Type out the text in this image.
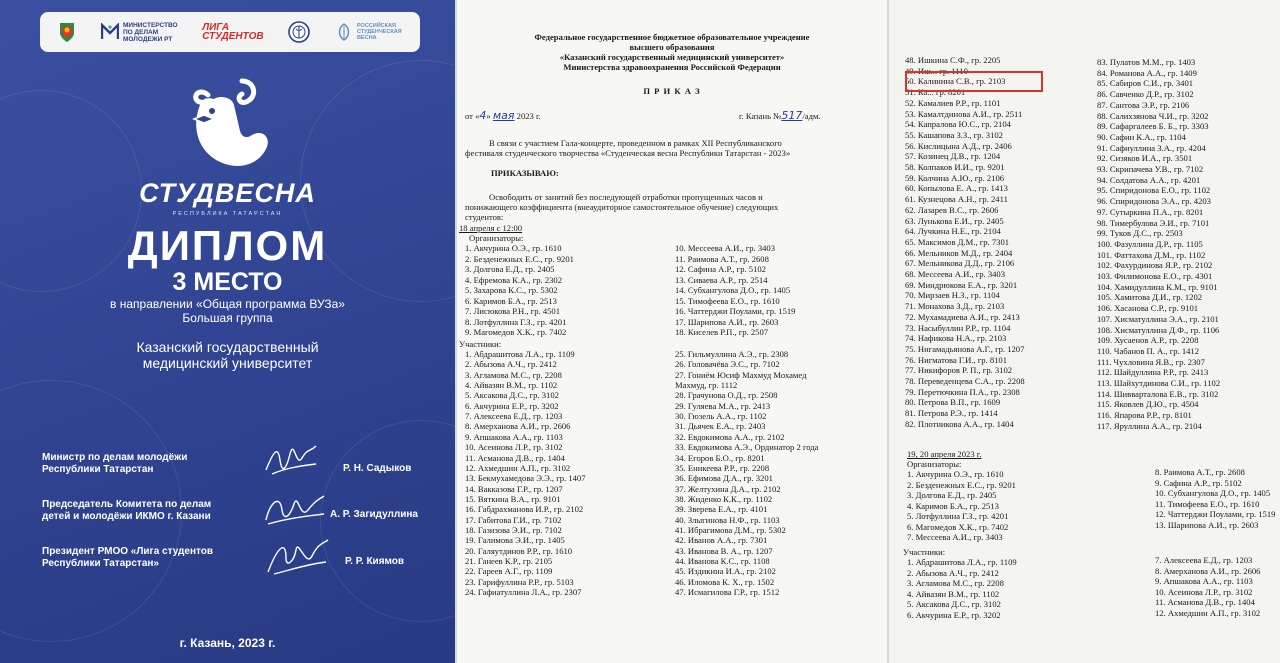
МИНИСТЕРСТВО
ПО ДЕЛАМ
МОЛОДЕЖИ РТ
ЛИГА
СТУДЕНТОВ
РОССИЙСКАЯ
СТУДЕНЧЕСКАЯ
ВЕСНА
СТУДВЕСНА
РЕСПУБЛИКА ТАТАРСТАН
ДИПЛОМ
3 МЕСТО
в направлении «Общая программа ВУЗа»
Большая группа
Казанский государственный
медицинский университет
Министр по делам молодёжи
Республики Татарстан	Р. Н. Садыков
Председатель Комитета по делам
детей и молодёжи ИКМО г. Казани	А. Р. Загидуллина
Президент РМОО «Лига студентов
Республики Татарстан»	Р. Р. Киямов
г. Казань, 2023 г.
Федеральное государственное бюджетное образовательное учреждение
высшего образования
«Казанский государственный медицинский университет»
Министерства здравоохранения Российской Федерации
П Р И К А З
от «4» мая 2023 г.	г. Казань №517/адм.
В связи с участием Гала-концерте, проведенном в рамках XII Республиканского
фестиваля студенческого творчества «Студенческая весна Республики Татарстан - 2023»
ПРИКАЗЫВАЮ:
Освободить от занятий без последующей отработки пропущенных часов и
понижающего коэффициента (внеаудиторное самостоятельное обучение) следующих
студентов:
18 апреля с 12:00
Организаторы:
1. Акчурина О.Э., гр. 1610
2. Безденежных Е.С., гр. 9201
3. Долгова Е.Д., гр. 2405
4. Ефремова К.А., гр. 2302
5. Захарова К.С., гр. 5302
6. Каримов Б.А., гр. 2513
7. Лисюкова Р.Н., гр. 4501
8. Лотфуллина Г.З., гр. 4201
9. Магомедов Х.К., гр. 7402
10. Мессеева А.И., гр. 3403
11. Раимова А.Т., гр. 2608
12. Сафина А.Р., гр. 5102
13. Сиваева А.Р., гр. 2514
14. Субхангулова Д.О., гр. 1405
15. Тимофеева Е.О., гр. 1610
16. Чаттерджи Поулами, гр. 1519
17. Шарипова А.И., гр. 2603
18. Киселев Р.П., гр. 2507
Участники:
1. Абдрашитова Л.А., гр. 1109
2. Абызова А.Ч., гр. 2412
3. Агламова М.С., гр. 2208
4. Айвазян В.М., гр. 1102
5. Аксакова Д.С., гр. 3102
6. Акчурина Е.Р., гр. 3202
7. Алексеева Е.Д., гр. 1203
8. Амерханова А.И., гр. 2606
9. Апшакова А.А., гр. 1103
10. Асеинова Л.Р., гр. 3102
11. Асманова Д.В., гр. 1404
12. Ахмедшин А.П., гр. 3102
13. Бекмухамедова Э.Э., гр. 1407
14. Вакказова Г.Р., гр. 1207
15. Вяткина В.А., гр. 9101
16. Габдрахманова И.Р., гр. 2102
17. Габитова Г.И., гр. 7102
18. Газизова Э.И., гр. 7102
19. Галимова Э.И., гр. 1405
20. Галяутдинов Р.Р., гр. 1610
21. Ганеев К.Р., гр. 2105
22. Гареев А.Г., гр. 1109
23. Гарифуллина Р.Р., гр. 5103
24. Гафиатуллина Л.А., гр. 2307
25. Гильмуллина А.Э., гр. 2308
26. Головачёва Э.С., гр. 7102
27. Гониём Юсиф Махмуд Мохамед
Махмуд, гр. 1112
28. Грачунова О.Д., гр. 2508
29. Гуляева М.А., гр. 2413
30. Гюзель А.А., гр. 1102
31. Дьячек Е.А., гр. 2403
32. Евдокимова А.А., гр. 2102
33. Евдокимова А.Э., Ординатор 2 года
34. Егоров Б.О., гр. 8201
35. Еникеева Р.Р., гр. 2208
36. Ефимова Д.А., гр. 3201
37. Желтухина Д.А., гр. 2102
38. Жиденко К.К., гр. 1102
39. Зверева Е.А., гр. 4101
40. Злыгинова Н.Ф., гр. 1103
41. Ибрагимова Д.М., гр. 5302
42. Иванов А.А., гр. 7301
43. Иванова В. А., гр. 1207
44. Иванова К.С., гр. 1108
45. Издикина И.А., гр. 2102
46. Иломова К. Х., гр. 1502
47. Исмагилова Г.Р., гр. 1512
48. Ишкина С.Ф., гр. 2205
49. Иш... гр. 1110
50. Калинина С.В., гр. 2103
51. Ка... гр. 8201
52. Камалиев Р.Р., гр. 1101
53. Камалтдинова А.И., гр. 2511
54. Капралова Ю.С., гр. 2104
55. Кашапова З.З., гр. 3102
56. Кислицына А.Д., гр. 2406
57. Козинец Д.В., гр. 1204
58. Колпаков И.И., гр. 9201
59. Колчина А.Ю., гр. 2106
60. Копылова Е. А., гр. 1413
61. Кузнецова А.Н., гр. 2411
62. Лазарев В.С., гр. 2606
63. Лунькова Е.И., гр. 2405
64. Лучкина Н.Е., гр. 2104
65. Максимов Д.М., гр. 7301
66. Мельников М.Д., гр. 2404
67. Мельникова Д.Д., гр. 2106
68. Мессеева А.И., гр. 3403
69. Миндрюкова Е.А., гр. 3201
70. Мирзаев Н.З., гр. 1104
71. Монахова З.Д., гр. 2103
72. Мухамадиева А.И., гр. 2413
73. Насыбуллин Р.Р., гр. 1104
74. Нафикова Н.А., гр. 2103
75. Нигамадьянова А.Г., гр. 1207
76. Нигматова Г.И., гр. 8101
77. Никифоров Р. П., гр. 3102
78. Переведенцева С.А., гр. 2208
79. Перетючкина П.А., гр. 2308
80. Петрова В.П., гр. 1609
81. Петрова Р.Э., гр. 1414
82. Плотникова А.А., гр. 1404
83. Пулатов М.М., гр. 1403
84. Романова А.А., гр. 1409
85. Сабиров С.И., гр. 3401
86. Савченко Д.Р., гр. 3102
87. Сантова Э.Р., гр. 2106
88. Салихзянова Ч.И., гр. 3202
89. Сафаргалеев Б. Б., гр. 3303
90. Сафин К.А., гр. 1104
91. Сафиуллина З.А., гр. 4204
92. Сизяков И.А., гр. 3501
93. Скрипачева У.В., гр. 7102
94. Солдатова А.А., гр. 4201
95. Спиридонова Е.О., гр. 1102
96. Спиридонова Э.А., гр. 4203
97. Сутыркина П.А., гр. 8201
98. Тимербулова Э.И., гр. 7101
99. Туков Д.С., гр. 2503
100. Фазуллина Д.Р., гр. 1105
101. Фаттахова Д.М., гр. 1102
102. Фахурдинова Я.Р., гр. 2102
103. Филимонова Е.О., гр. 4301
104. Хамидуллина К.М., гр. 9101
105. Хамитова Д.И., гр. 1202
106. Хасанова С.Р., гр. 9101
107. Хисматуллина Э.А., гр. 2101
108. Хисматуллина Д.Ф., гр. 1106
109. Хусаенов А.Р., гр. 2208
110. Чабанов П. А., гр. 1412
111. Чухловина Я.В., гр. 2307
112. Шайдуллина Р.Р., гр. 2413
113. Шайхутдинова С.И., гр. 1102
114. Шивварталова Е.В., гр. 3102
115. Яковлев Д.Ю., гр. 4504
116. Япарова Р.Р., гр. 8101
117. Яруллина А.А., гр. 2104
19, 20 апреля 2023 г.
Организаторы:
1. Акчурина О.Э., гр. 1610
2. Безденежных Е.С., гр. 9201
3. Долгова Е.Д., гр. 2405
4. Каримов Б.А., гр. 2513
5. Лотфуллина Г.З., гр. 4201
6. Магомедов Х.К., гр. 7402
7. Мессеева А.И., гр. 3403
8. Раимова А.Т., гр. 2608
9. Сафина А.Р., гр. 5102
10. Субхангулова Д.О., гр. 1405
11. Тимофеева Е.О., гр. 1610
12. Чаттерджи Поулами, гр. 1519
13. Шарипова А.И., гр. 2603
Участники:
1. Абдрашитова Л.А., гр. 1109
2. Абызова А.Ч., гр. 2412
3. Агламова М.С., гр. 2208
4. Айвазян В.М., гр. 1102
5. Аксакова Д.С., гр. 3102
6. Акчурина Е.Р., гр. 3202
7. Алексеева Е.Д., гр. 1203
8. Амерханова А.И., гр. 2606
9. Апшакова А.А., гр. 1103
10. Асеинова Л.Р., гр. 3102
11. Асманова Д.В., гр. 1404
12. Ахмедшин А.П., гр. 3102
